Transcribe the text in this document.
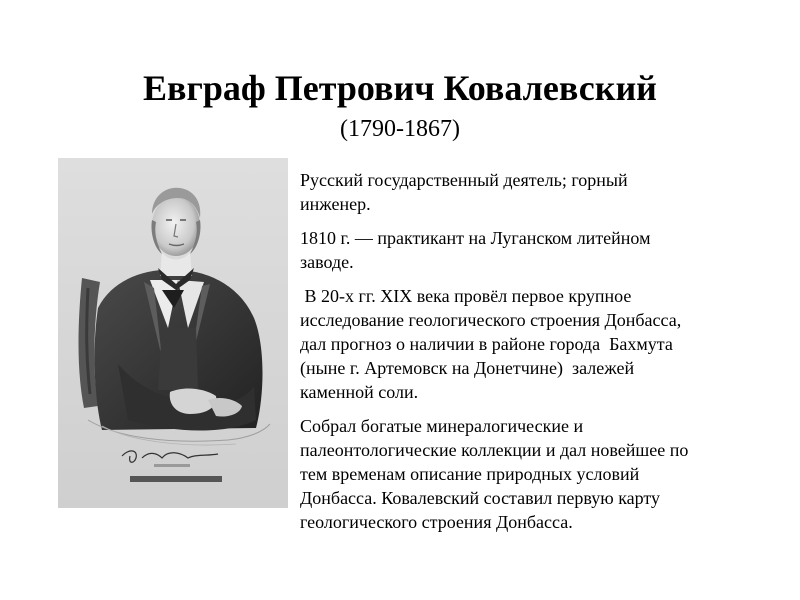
Евграф Петрович Ковалевский
(1790-1867)

Русский государственный деятель; горный
инженер.

1810 г. — практикант на Луганском литейном
заводе.

В 20-х гг. XIX века провёл первое крупное
исследование геологического строения Донбасса,
дал прогноз о наличии в районе города  Бахмута
(ныне г. Артемовск на Донетчине)  залежей
каменной соли.

Собрал богатые минералогические и
палеонтологические коллекции и дал новейшее по
тем временам описание природных условий
Донбасса. Ковалевский составил первую карту
геологического строения Донбасса.
